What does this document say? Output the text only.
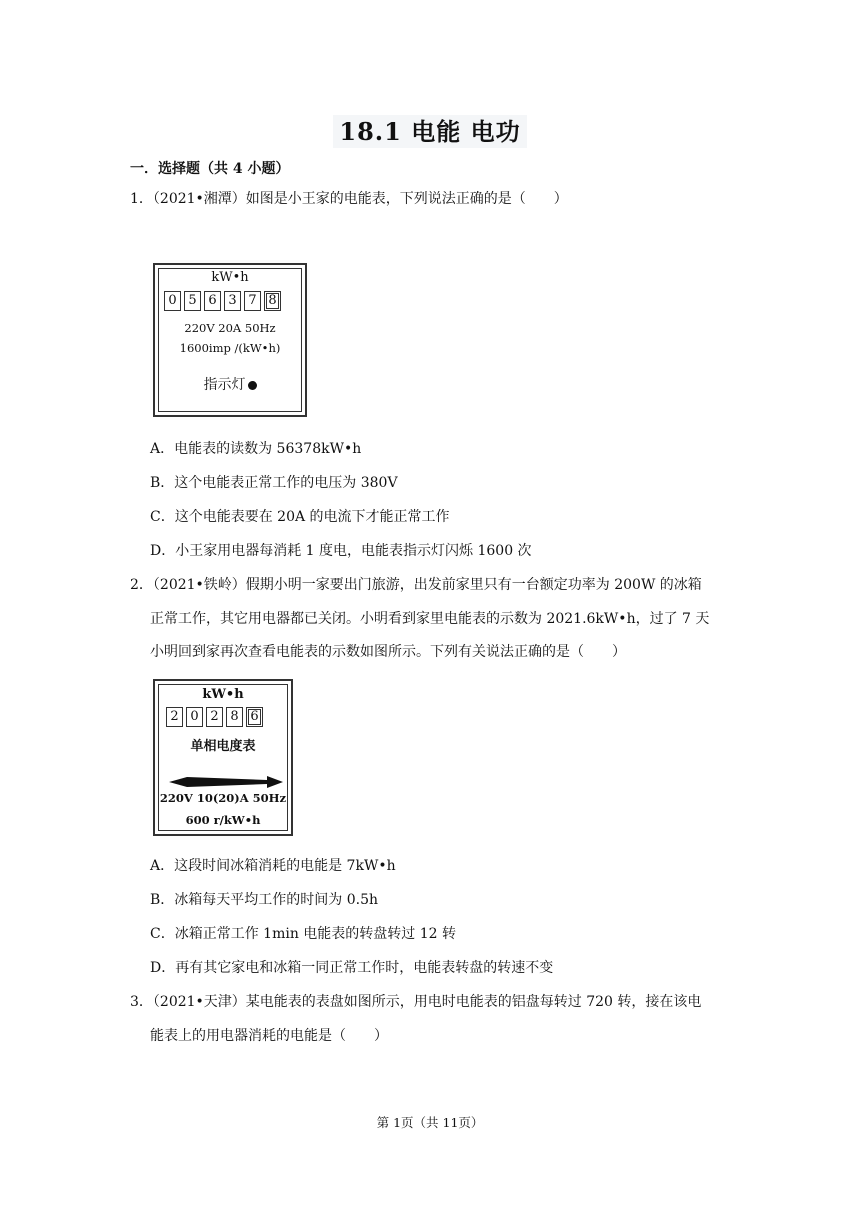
18.1 电能 电功
一．选择题（共 4 小题）
1．（2021•湘潭）如图是小王家的电能表，下列说法正确的是（　　）
kW•h
0 5 6 3 7 8
220V 20A 50Hz
1600imp /(kW•h)
指示灯
A．电能表的读数为 56378kW•h
B．这个电能表正常工作的电压为 380V
C．这个电能表要在 20A 的电流下才能正常工作
D．小王家用电器每消耗 1 度电，电能表指示灯闪烁 1600 次
2．（2021•铁岭）假期小明一家要出门旅游，出发前家里只有一台额定功率为 200W 的冰箱
正常工作，其它用电器都已关闭。小明看到家里电能表的示数为 2021.6kW•h，过了 7 天
小明回到家再次查看电能表的示数如图所示。下列有关说法正确的是（　　）
kW•h
2 0 2 8 6
单相电度表
220V 10(20)A 50Hz
600 r/kW•h
A．这段时间冰箱消耗的电能是 7kW•h
B．冰箱每天平均工作的时间为 0.5h
C．冰箱正常工作 1min 电能表的转盘转过 12 转
D．再有其它家电和冰箱一同正常工作时，电能表转盘的转速不变
3．（2021•天津）某电能表的表盘如图所示，用电时电能表的铝盘每转过 720 转，接在该电
能表上的用电器消耗的电能是（　　）
第 1页（共 11页）
